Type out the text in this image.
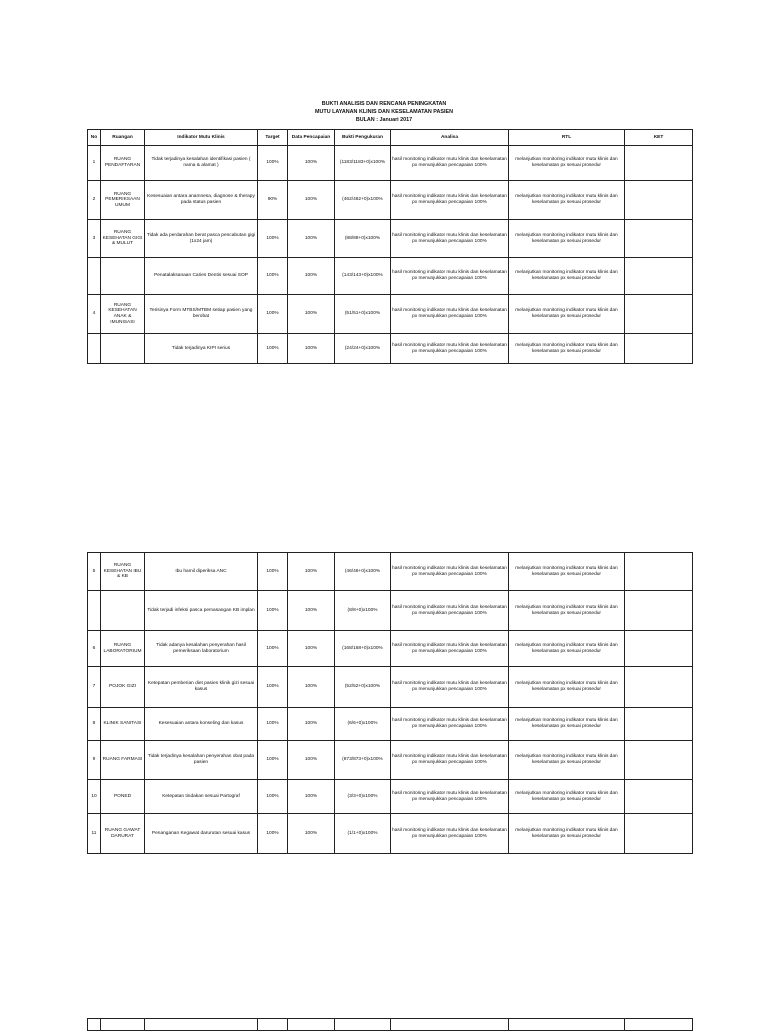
BUKTI ANALISIS DAN RENCANA PENINGKATAN
MUTU LAYANAN KLINIS DAN KESELAMATAN PASIEN
BULAN : Januari 2017
No	Ruangan	Indikator Mutu Klinis	Target	Data Pencapaian	Bukti Pengukuran	Analisa	RTL	KET
1	RUANG PENDAFTARAN	Tidak terjadinya kesalahan identifikasi pasien ( nama & alamat )	100%	100%	(1183/1183+0)x100%	hasil monitoring indikator mutu klinis dan keselamatan px menunjukkan pencapaian 100%	melanjutkan monitoring indikator mutu klinis dan keselamatan px sesuai prosedur	
2	RUANG PEMERIKSAAN UMUM	Kesesuaian antara anamnesa, diagnose & therapy pada status pasien	90%	100%	(462/462+0)x100%	hasil monitoring indikator mutu klinis dan keselamatan px menunjukkan pencapaian 100%	melanjutkan monitoring indikator mutu klinis dan keselamatan px sesuai prosedur	
3	RUANG KESEHATAN GIGI & MULUT	Tidak ada perdarahan berat pasca pencabutan gigi (1x24 jam)	100%	100%	(88/88+0)x100%	hasil monitoring indikator mutu klinis dan keselamatan px menunjukkan pencapaian 100%	melanjutkan monitoring indikator mutu klinis dan keselamatan px sesuai prosedur	
		Penatalaksanaan Caries Dentis sesuai SOP	100%	100%	(143/143+0)x100%	hasil monitoring indikator mutu klinis dan keselamatan px menunjukkan pencapaian 100%	melanjutkan monitoring indikator mutu klinis dan keselamatan px sesuai prosedur	
4	RUANG KESEHATAN ANAK & IMUNISASI	Terisinya Form MTBS/MTBM setiap pasien yang berobat	100%	100%	(51/51+0)x100%	hasil monitoring indikator mutu klinis dan keselamatan px menunjukkan pencapaian 100%	melanjutkan monitoring indikator mutu klinis dan keselamatan px sesuai prosedur	
		Tidak terjadinya KIPI serius	100%	100%	(24/24+0)x100%	hasil monitoring indikator mutu klinis dan keselamatan px menunjukkan pencapaian 100%	melanjutkan monitoring indikator mutu klinis dan keselamatan px sesuai prosedur	
5	RUANG KESEHATAN IBU & KB	Ibu hamil diperiksa ANC	100%	100%	(46/46+0)x100%	hasil monitoring indikator mutu klinis dan keselamatan px menunjukkan pencapaian 100%	melanjutkan monitoring indikator mutu klinis dan keselamatan px sesuai prosedur	
		Tidak terjadi infeksi pasca pemasangan KB implan	100%	100%	(8/8+0)x100%	hasil monitoring indikator mutu klinis dan keselamatan px menunjukkan pencapaian 100%	melanjutkan monitoring indikator mutu klinis dan keselamatan px sesuai prosedur	
6	RUANG LABORATORIUM	Tidak adanya kesalahan penyerahan hasil pemeriksaan laboratorium	100%	100%	(168/168+0)x100%	hasil monitoring indikator mutu klinis dan keselamatan px menunjukkan pencapaian 100%	melanjutkan monitoring indikator mutu klinis dan keselamatan px sesuai prosedur	
7	POJOK GIZI	Ketepatan pemberian diet pasien klinik gizi sesuai kasus	100%	100%	(52/52+0)x100%	hasil monitoring indikator mutu klinis dan keselamatan px menunjukkan pencapaian 100%	melanjutkan monitoring indikator mutu klinis dan keselamatan px sesuai prosedur	
8	KLINIK SANITASI	Kesesuaian antara konseling dan kasus	100%	100%	(6/6+0)x100%	hasil monitoring indikator mutu klinis dan keselamatan px menunjukkan pencapaian 100%	melanjutkan monitoring indikator mutu klinis dan keselamatan px sesuai prosedur	
9	RUANG FARMASI	Tidak terjadinya kesalahan penyerahan obat pada pasien	100%	100%	(873/873+0)x100%	hasil monitoring indikator mutu klinis dan keselamatan px menunjukkan pencapaian 100%	melanjutkan monitoring indikator mutu klinis dan keselamatan px sesuai prosedur	
10	PONED	Ketepatan tindakan sesuai Partograf	100%	100%	(3/3+0)x100%	hasil monitoring indikator mutu klinis dan keselamatan px menunjukkan pencapaian 100%	melanjutkan monitoring indikator mutu klinis dan keselamatan px sesuai prosedur	
11	RUANG GAWAT DARURAT	Penanganan Kegawat darurutan sesuai kasus	100%	100%	(1/1+0)x100%	hasil monitoring indikator mutu klinis dan keselamatan px menunjukkan pencapaian 100%	melanjutkan monitoring indikator mutu klinis dan keselamatan px sesuai prosedur	
